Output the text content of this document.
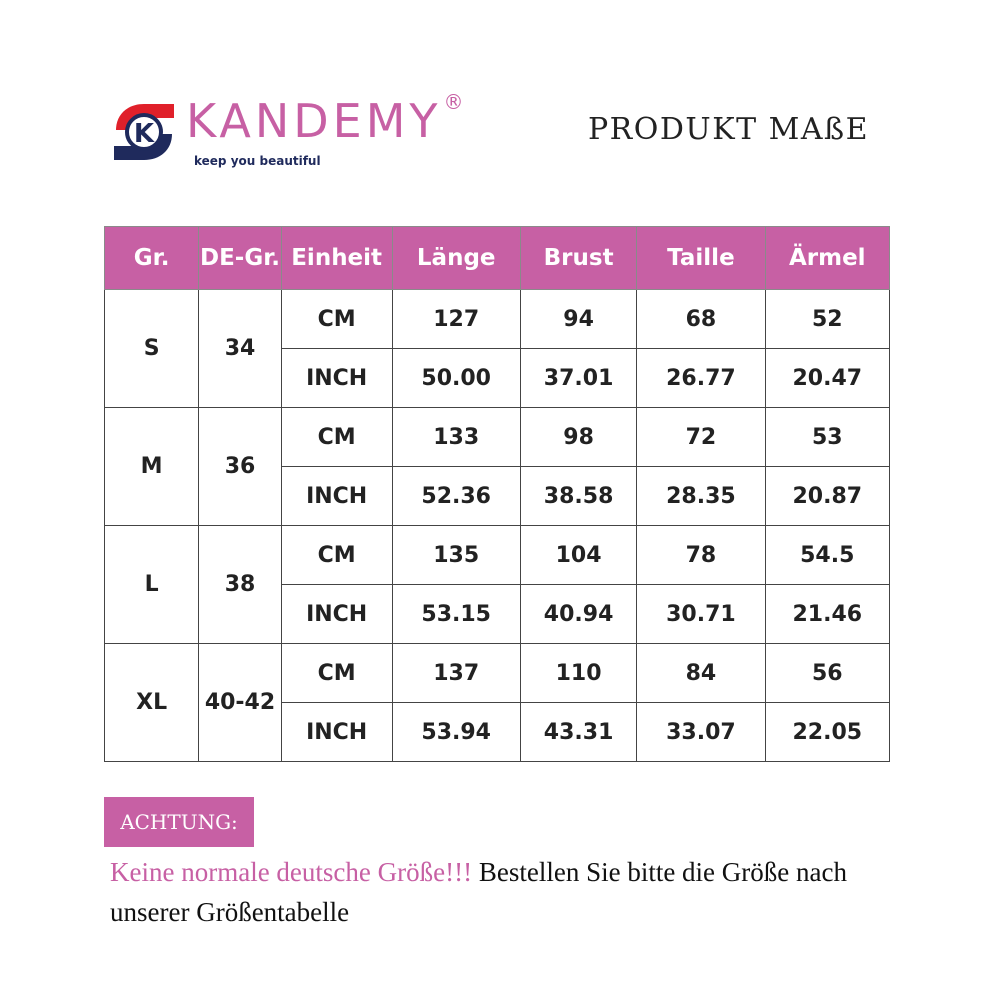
K KANDEMY ®
keep you beautiful
PRODUKT MAßE
Gr.	DE-Gr.	Einheit	Länge	Brust	Taille	Ärmel
S	34	CM	127	94	68	52
		INCH	50.00	37.01	26.77	20.47
M	36	CM	133	98	72	53
		INCH	52.36	38.58	28.35	20.87
L	38	CM	135	104	78	54.5
		INCH	53.15	40.94	30.71	21.46
XL	40-42	CM	137	110	84	56
		INCH	53.94	43.31	33.07	22.05
ACHTUNG:
Keine normale deutsche Größe!!! Bestellen Sie bitte die Größe nach unserer Größentabelle
